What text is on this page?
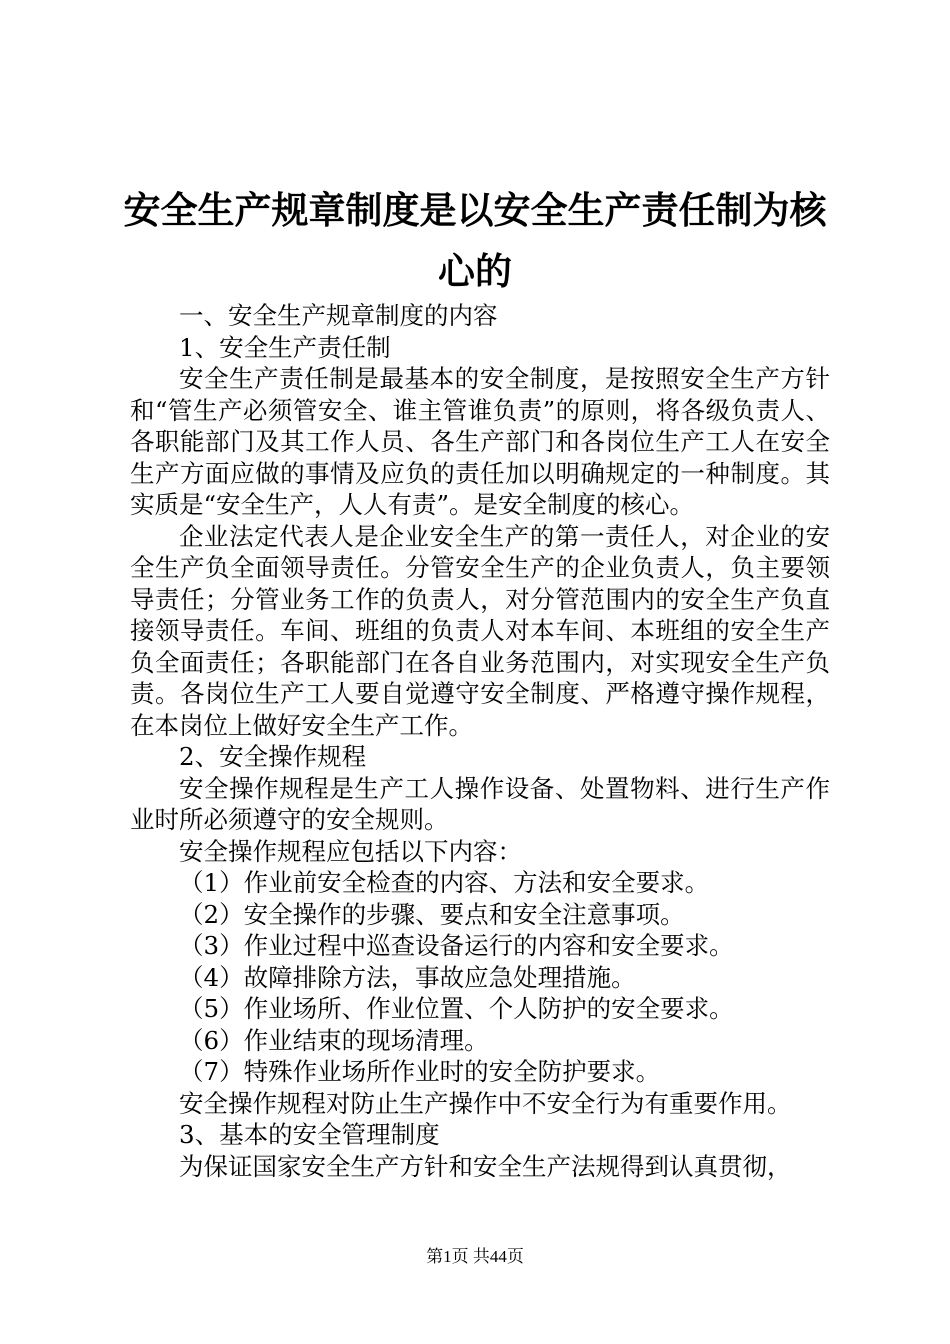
安全生产规章制度是以安全生产责任制为核心的

一、安全生产规章制度的内容

1、安全生产责任制

安全生产责任制是最基本的安全制度，是按照安全生产方针和“管生产必须管安全、谁主管谁负责”的原则，将各级负责人、各职能部门及其工作人员、各生产部门和各岗位生产工人在安全生产方面应做的事情及应负的责任加以明确规定的一种制度。其实质是“安全生产，人人有责”。是安全制度的核心。

企业法定代表人是企业安全生产的第一责任人，对企业的安全生产负全面领导责任。分管安全生产的企业负责人，负主要领导责任；分管业务工作的负责人，对分管范围内的安全生产负直接领导责任。车间、班组的负责人对本车间、本班组的安全生产负全面责任；各职能部门在各自业务范围内，对实现安全生产负责。各岗位生产工人要自觉遵守安全制度、严格遵守操作规程，在本岗位上做好安全生产工作。

2、安全操作规程

安全操作规程是生产工人操作设备、处置物料、进行生产作业时所必须遵守的安全规则。

安全操作规程应包括以下内容：

（1）作业前安全检查的内容、方法和安全要求。

（2）安全操作的步骤、要点和安全注意事项。

（3）作业过程中巡查设备运行的内容和安全要求。

（4）故障排除方法，事故应急处理措施。

（5）作业场所、作业位置、个人防护的安全要求。

（6）作业结束的现场清理。

（7）特殊作业场所作业时的安全防护要求。

安全操作规程对防止生产操作中不安全行为有重要作用。

3、基本的安全管理制度

为保证国家安全生产方针和安全生产法规得到认真贯彻，

第1页 共44页
